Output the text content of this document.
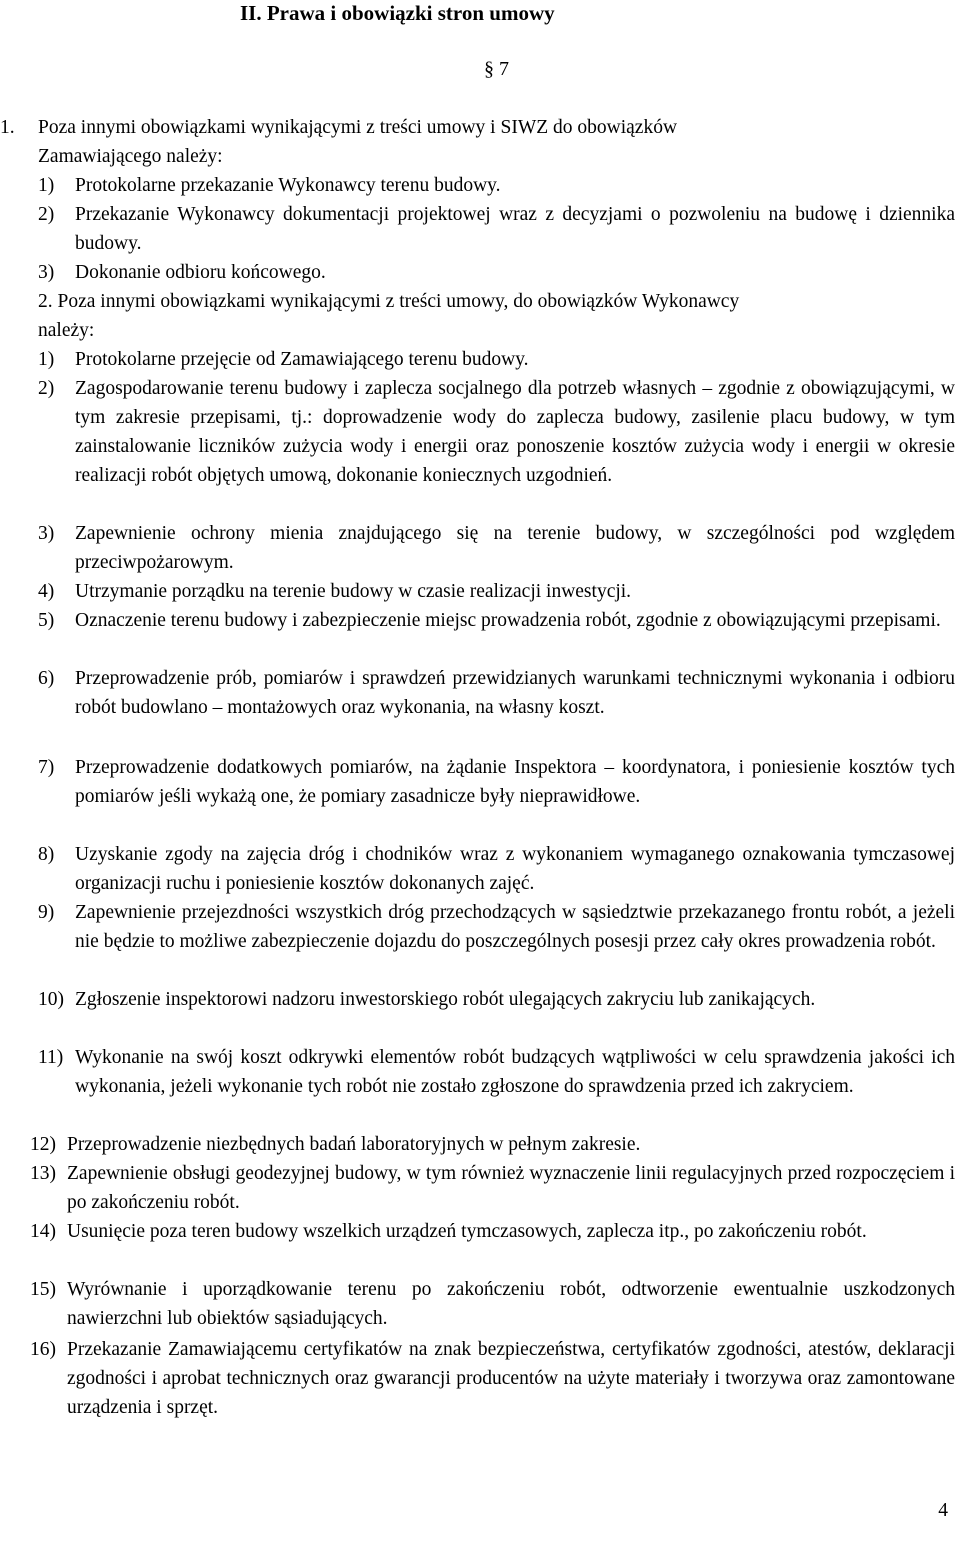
II. Prawa i obowiązki stron umowy
§ 7
1. Poza innymi obowiązkami wynikającymi z treści umowy i SIWZ do obowiązków
Zamawiającego należy:
1)	Protokolarne przekazanie Wykonawcy terenu budowy.
2)	Przekazanie Wykonawcy dokumentacji projektowej wraz z decyzjami o pozwoleniu na budowę i dziennika budowy.
3)	Dokonanie odbioru końcowego.
2. Poza innymi obowiązkami wynikającymi z treści umowy, do obowiązków Wykonawcy
należy:
1)	Protokolarne przejęcie od Zamawiającego terenu budowy.
2)	Zagospodarowanie terenu budowy i zaplecza socjalnego dla potrzeb własnych – zgodnie z obowiązującymi, w tym zakresie przepisami, tj.: doprowadzenie wody do zaplecza budowy, zasilenie placu budowy, w tym zainstalowanie liczników zużycia wody i energii oraz ponoszenie kosztów zużycia wody i energii w okresie realizacji robót objętych umową, dokonanie koniecznych uzgodnień.
3)	Zapewnienie ochrony mienia znajdującego się na terenie budowy, w szczególności pod względem przeciwpożarowym.
4)	Utrzymanie porządku na terenie budowy w czasie realizacji inwestycji.
5)	Oznaczenie terenu budowy i zabezpieczenie miejsc prowadzenia robót, zgodnie z obowiązującymi przepisami.
6)	Przeprowadzenie prób, pomiarów i sprawdzeń przewidzianych warunkami technicznymi wykonania i odbioru robót budowlano – montażowych oraz wykonania, na własny koszt.
7)	Przeprowadzenie dodatkowych pomiarów, na żądanie Inspektora – koordynatora, i poniesienie kosztów tych pomiarów jeśli wykażą one, że pomiary zasadnicze były nieprawidłowe.
8)	Uzyskanie zgody na zajęcia dróg i chodników wraz z wykonaniem wymaganego oznakowania tymczasowej organizacji ruchu i poniesienie kosztów dokonanych zajęć.
9)	Zapewnienie przejezdności wszystkich dróg przechodzących w sąsiedztwie przekazanego frontu robót, a jeżeli nie będzie to możliwe zabezpieczenie dojazdu do poszczególnych posesji przez cały okres prowadzenia robót.
10) Zgłoszenie inspektorowi nadzoru inwestorskiego robót ulegających zakryciu lub zanikających.
11) Wykonanie na swój koszt odkrywki elementów robót budzących wątpliwości w celu sprawdzenia jakości ich wykonania, jeżeli wykonanie tych robót nie zostało zgłoszone do sprawdzenia przed ich zakryciem.
12) Przeprowadzenie niezbędnych badań laboratoryjnych w pełnym zakresie.
13) Zapewnienie obsługi geodezyjnej budowy, w tym również wyznaczenie linii regulacyjnych przed rozpoczęciem i po zakończeniu robót.
14) Usunięcie poza teren budowy wszelkich urządzeń tymczasowych, zaplecza itp., po zakończeniu robót.
15) Wyrównanie i uporządkowanie terenu po zakończeniu robót, odtworzenie ewentualnie uszkodzonych nawierzchni lub obiektów sąsiadujących.
16) Przekazanie Zamawiającemu certyfikatów na znak bezpieczeństwa, certyfikatów zgodności, atestów, deklaracji zgodności i aprobat technicznych oraz gwarancji producentów na użyte materiały i tworzywa oraz zamontowane urządzenia i sprzęt.
4
